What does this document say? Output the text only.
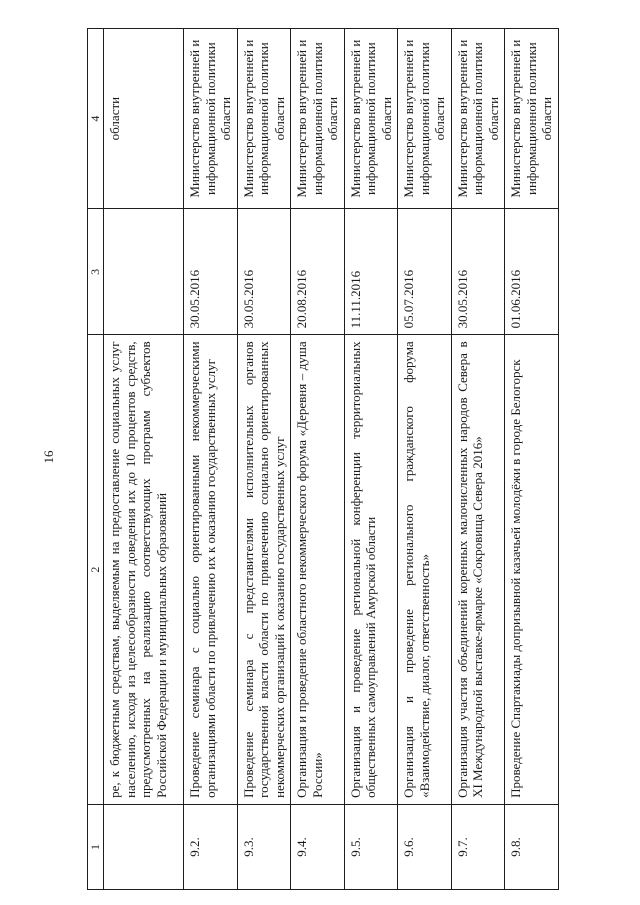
16
1	2	3	4
	ре, к бюджетным средствам, выделяемым на предоставление социальных услуг населению, исходя из целесообразности доведения их до 10 процентов средств, предусмотренных на реализацию соответствующих программ субъектов Российской Федерации и муниципальных образований		области
9.2.	Проведение семинара с социально ориентированными некоммерческими организациями области по привлечению их к оказанию государственных услуг	30.05.2016	Министерство внутренней и информационной политики области
9.3.	Проведение семинара с представителями исполнительных органов государственной власти области по привлечению социально ориентированных некоммерческих организаций к оказанию государственных услуг	30.05.2016	Министерство внутренней и информационной политики области
9.4.	Организация и проведение областного некоммерческого форума «Деревня – душа России»	20.08.2016	Министерство внутренней и информационной политики области
9.5.	Организация и проведение региональной конференции территориальных общественных самоуправлений Амурской области	11.11.2016	Министерство внутренней и информационной политики области
9.6.	Организация и проведение регионального гражданского форума «Взаимодействие, диалог, ответственность»	05.07.2016	Министерство внутренней и информационной политики области
9.7.	Организация участия объединений коренных малочисленных народов Севера в XI Международной выставке-ярмарке «Сокровища Севера 2016»	30.05.2016	Министерство внутренней и информационной политики области
9.8.	Проведение Спартакиады допризывной казачьей молодёжи в городе Белогорск	01.06.2016	Министерство внутренней и информационной политики области
